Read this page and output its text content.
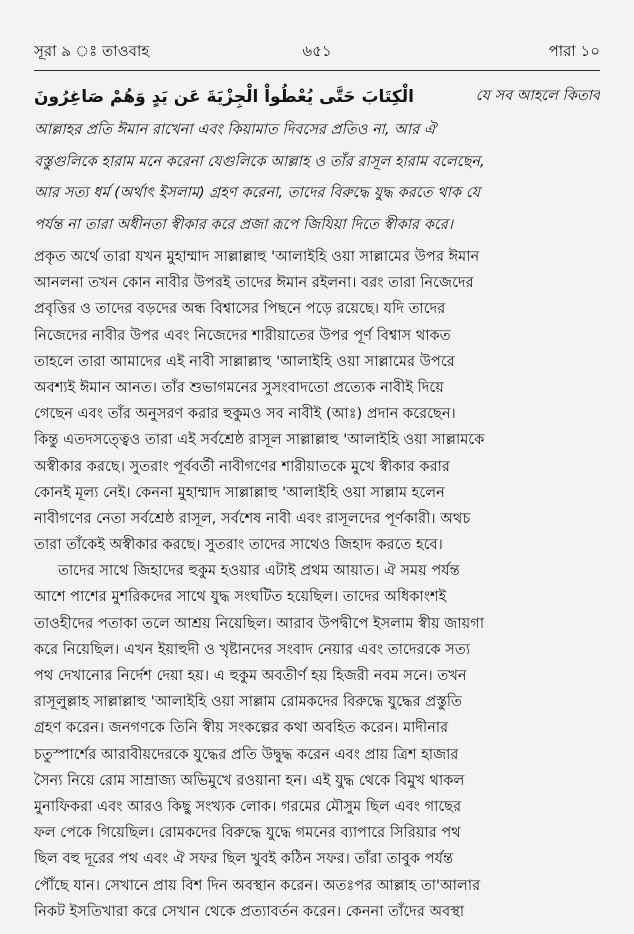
সূরা ৯ ঃ তাওবাহ	৬৫১	পারা ১০
الْكِتَابَ حَتَّى يُعْطُواْ الْجِزْيَةَ عَن يَدٍ وَهُمْ صَاغِرُونَ	যে সব আহলে কিতাব
আল্লাহর প্রতি ঈমান রাখেনা এবং কিয়ামাত দিবসের প্রতিও না, আর ঐ
বস্তুগুলিকে হারাম মনে করেনা যেগুলিকে আল্লাহ ও তাঁর রাসূল হারাম বলেছেন,
আর সত্য ধর্ম (অর্থাৎ ইসলাম) গ্রহণ করেনা, তাদের বিরুদ্ধে যুদ্ধ করতে থাক যে
পর্যন্ত না তারা অধীনতা স্বীকার করে প্রজা রূপে জিযিয়া দিতে স্বীকার করে।
প্রকৃত অর্থে তারা যখন মুহাম্মাদ সাল্লাল্লাহু 'আলাইহি ওয়া সাল্লামের উপর ঈমান
আনলনা তখন কোন নাবীর উপরই তাদের ঈমান রইলনা। বরং তারা নিজেদের
প্রবৃত্তির ও তাদের বড়দের অন্ধ বিশ্বাসের পিছনে পড়ে রয়েছে। যদি তাদের
নিজেদের নাবীর উপর এবং নিজেদের শারীয়াতের উপর পূর্ণ বিশ্বাস থাকত
তাহলে তারা আমাদের এই নাবী সাল্লাল্লাহু 'আলাইহি ওয়া সাল্লামের উপরে
অবশ্যই ঈমান আনত। তাঁর শুভাগমনের সুসংবাদতো প্রত্যেক নাবীই দিয়ে
গেছেন এবং তাঁর অনুসরণ করার হুকুমও সব নাবীই (আঃ) প্রদান করেছেন।
কিন্তু এতদসত্ত্বেও তারা এই সর্বশ্রেষ্ঠ রাসূল সাল্লাল্লাহু 'আলাইহি ওয়া সাল্লামকে
অস্বীকার করছে। সুতরাং পূর্ববর্তী নাবীগণের শারীয়াতকে মুখে স্বীকার করার
কোনই মূল্য নেই। কেননা মুহাম্মাদ সাল্লাল্লাহু 'আলাইহি ওয়া সাল্লাম হলেন
নাবীগণের নেতা সর্বশ্রেষ্ঠ রাসূল, সর্বশেষ নাবী এবং রাসূলদের পূর্ণকারী। অথচ
তারা তাঁকেই অস্বীকার করছে। সুতরাং তাদের সাথেও জিহাদ করতে হবে।
তাদের সাথে জিহাদের হুকুম হওয়ার এটাই প্রথম আয়াত। ঐ সময় পর্যন্ত
আশে পাশের মুশরিকদের সাথে যুদ্ধ সংঘটিত হয়েছিল। তাদের অধিকাংশই
তাওহীদের পতাকা তলে আশ্রয় নিয়েছিল। আরাব উপদ্বীপে ইসলাম স্বীয় জায়গা
করে নিয়েছিল। এখন ইয়াহুদী ও খৃষ্টানদের সংবাদ নেয়ার এবং তাদেরকে সত্য
পথ দেখানোর নির্দেশ দেয়া হয়। এ হুকুম অবতীর্ণ হয় হিজরী নবম সনে। তখন
রাসূলুল্লাহ সাল্লাল্লাহু 'আলাইহি ওয়া সাল্লাম রোমকদের বিরুদ্ধে যুদ্ধের প্রস্তুতি
গ্রহণ করেন। জনগণকে তিনি স্বীয় সংকল্পের কথা অবহিত করেন। মাদীনার
চতুস্পার্শের আরাবীয়দেরকে যুদ্ধের প্রতি উদ্বুদ্ধ করেন এবং প্রায় ত্রিশ হাজার
সৈন্য নিয়ে রোম সাম্রাজ্য অভিমুখে রওয়ানা হন। এই যুদ্ধ থেকে বিমুখ থাকল
মুনাফিকরা এবং আরও কিছু সংখ্যক লোক। গরমের মৌসুম ছিল এবং গাছের
ফল পেকে গিয়েছিল। রোমকদের বিরুদ্ধে যুদ্ধে গমনের ব্যাপারে সিরিয়ার পথ
ছিল বহু দূরের পথ এবং ঐ সফর ছিল খুবই কঠিন সফর। তাঁরা তাবুক পর্যন্ত
পৌঁছে যান। সেখানে প্রায় বিশ দিন অবস্থান করেন। অতঃপর আল্লাহ তা'আলার
নিকট ইসতিখারা করে সেখান থেকে প্রত্যাবর্তন করেন। কেননা তাঁদের অবস্থা
